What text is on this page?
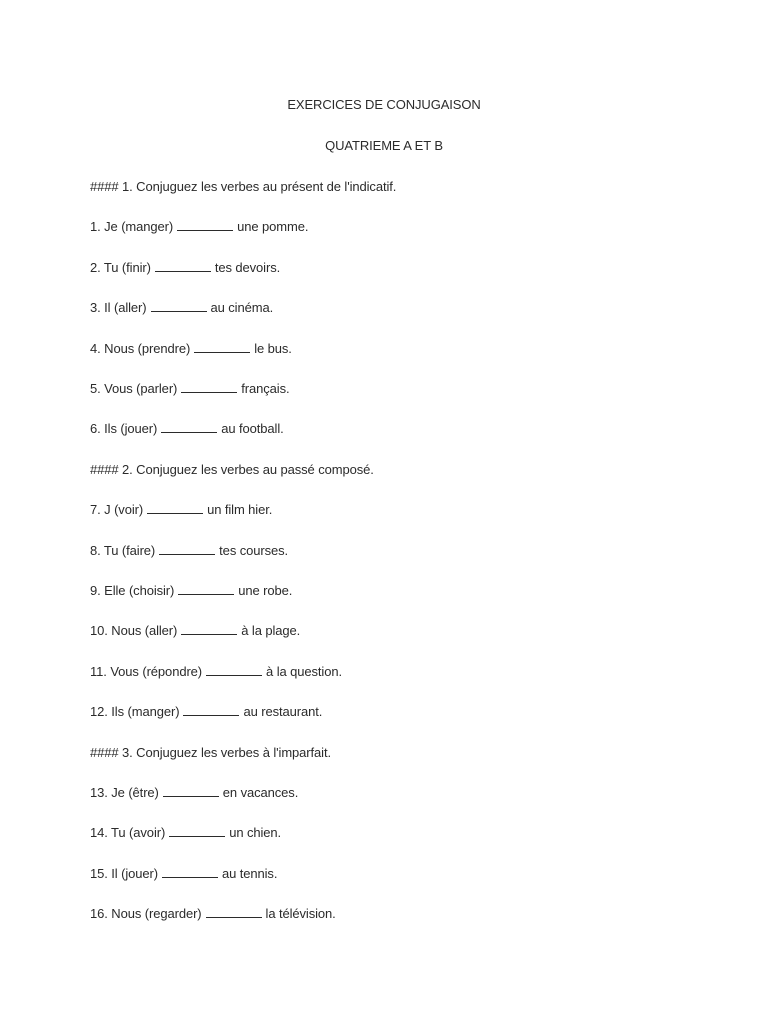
EXERCICES DE CONJUGAISON
QUATRIEME A ET B
#### 1. Conjuguez les verbes au présent de l'indicatif.
1. Je (manger)	une pomme.
2. Tu (finir)	tes devoirs.
3. Il (aller)	au cinéma.
4. Nous (prendre)	le bus.
5. Vous (parler)	français.
6. Ils (jouer)	au football.
#### 2. Conjuguez les verbes au passé composé.
7. J (voir)	un film hier.
8. Tu (faire)	tes courses.
9. Elle (choisir)	une robe.
10. Nous (aller)	à la plage.
11. Vous (répondre)	à la question.
12. Ils (manger)	au restaurant.
#### 3. Conjuguez les verbes à l'imparfait.
13. Je (être)	en vacances.
14. Tu (avoir)	un chien.
15. Il (jouer)	au tennis.
16. Nous (regarder)	la télévision.
